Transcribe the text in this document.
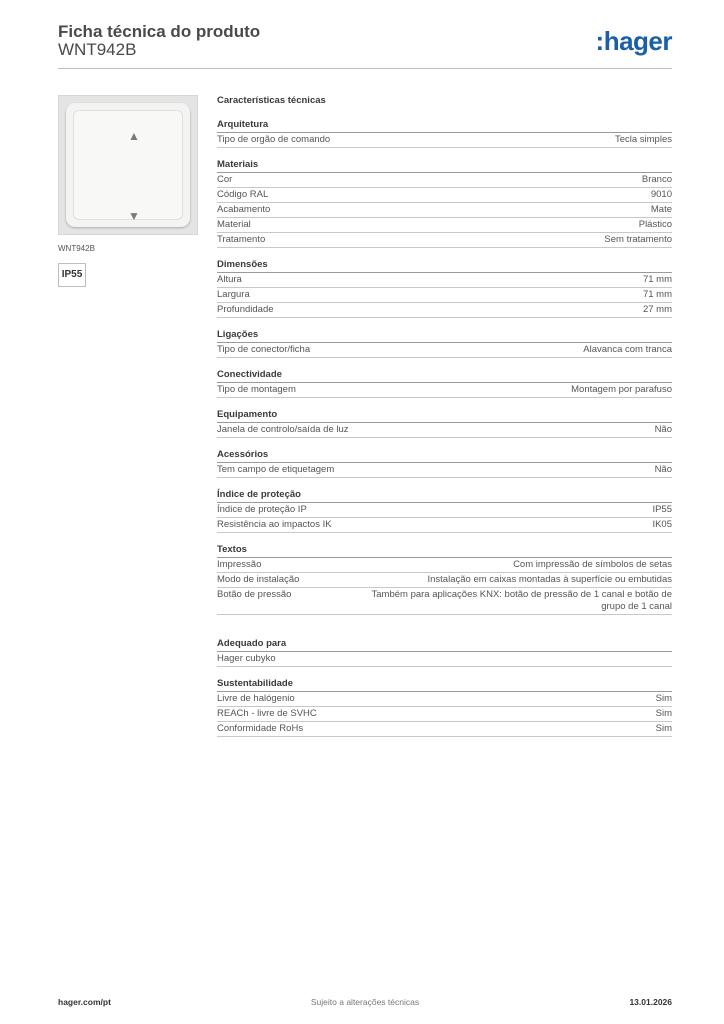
Ficha técnica do produto
WNT942B	:hager
▲
▼
WNT942B
IP55
Características técnicas
Arquitetura
Tipo de orgão de comando	Tecla simples
Materiais
Cor	Branco
Código RAL	9010
Acabamento	Mate
Material	Plástico
Tratamento	Sem tratamento
Dimensões
Altura	71 mm
Largura	71 mm
Profundidade	27 mm
Ligações
Tipo de conector/ficha	Alavanca com tranca
Conectividade
Tipo de montagem	Montagem por parafuso
Equipamento
Janela de controlo/saída de luz	Não
Acessórios
Tem campo de etiquetagem	Não
Índice de proteção
Índice de proteção IP	IP55
Resistência ao impactos IK	IK05
Textos
Impressão	Com impressão de símbolos de setas
Modo de instalação	Instalação em caixas montadas à superfície ou embutidas
Botão de pressão	Também para aplicações KNX: botão de pressão de 1 canal e botão de grupo de 1 canal
Adequado para
Hager cubyko
Sustentabilidade
Livre de halógenio	Sim
REACh - livre de SVHC	Sim
Conformidade RoHs	Sim
hager.com/pt	Sujeito a alterações técnicas	13.01.2026
